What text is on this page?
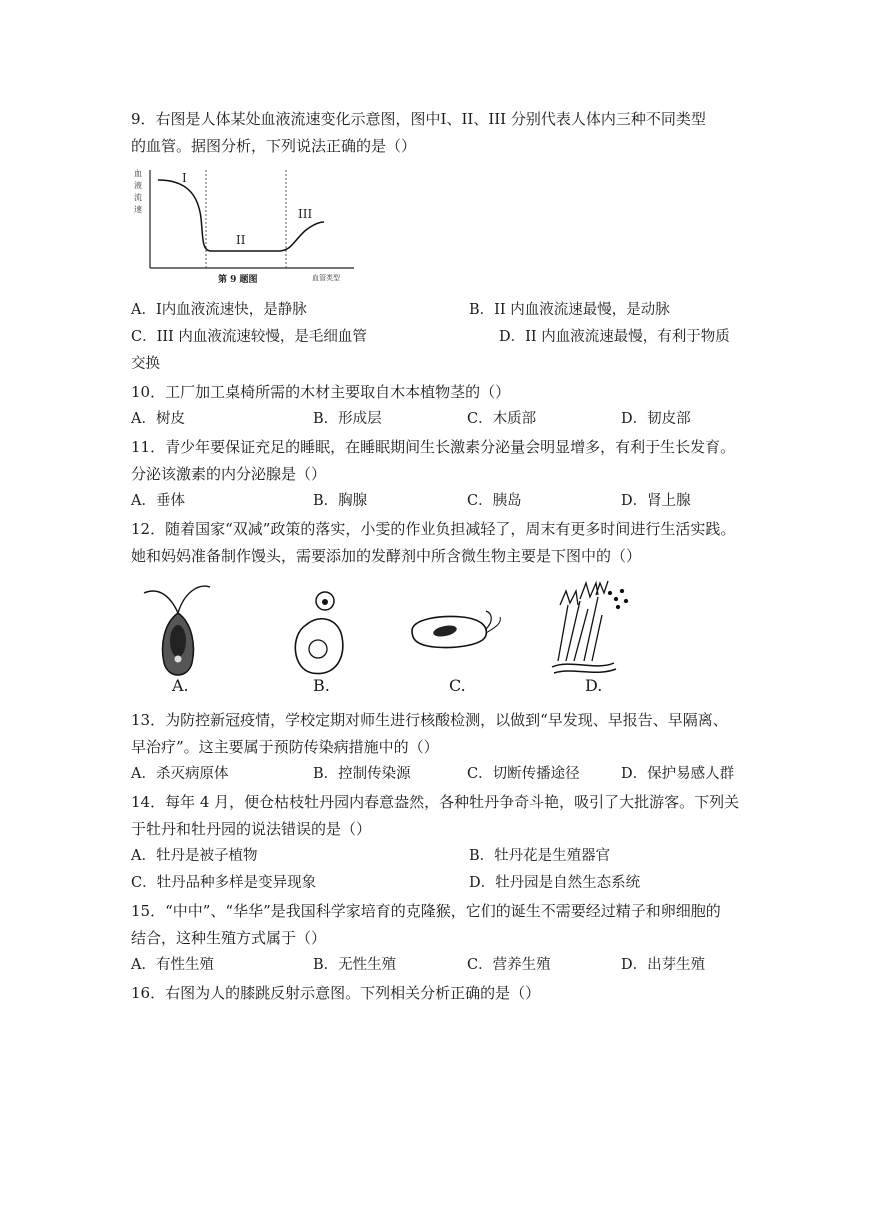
9．右图是人体某处血液流速变化示意图，图中Ⅰ、II、III 分别代表人体内三种不同类型
的血管。据图分析，下列说法正确的是（）
血
液
流
速
I
II
III
第 9 题图	血管类型
A．Ⅰ内血液流速快，是静脉	B．II 内血液流速最慢，是动脉
C．III 内血液流速较慢，是毛细血管	D．II 内血液流速最慢，有利于物质
交换
10．工厂加工桌椅所需的木材主要取自木本植物茎的（）
A．树皮	B．形成层	C．木质部	D．韧皮部
11．青少年要保证充足的睡眠，在睡眠期间生长激素分泌量会明显增多，有利于生长发育。
分泌该激素的内分泌腺是（）
A．垂体	B．胸腺	C．胰岛	D．肾上腺
12．随着国家“双减”政策的落实，小雯的作业负担减轻了，周末有更多时间进行生活实践。
她和妈妈准备制作馒头，需要添加的发酵剂中所含微生物主要是下图中的（）
A.	B.	C.	D.
13．为防控新冠疫情，学校定期对师生进行核酸检测，以做到“早发现、早报告、早隔离、
早治疗”。这主要属于预防传染病措施中的（）
A．杀灭病原体	B．控制传染源	C．切断传播途径	D．保护易感人群
14．每年 4 月，便仓枯枝牡丹园内春意盎然，各种牡丹争奇斗艳，吸引了大批游客。下列关
于牡丹和牡丹园的说法错误的是（）
A．牡丹是被子植物	B．牡丹花是生殖器官
C．牡丹品种多样是变异现象	D．牡丹园是自然生态系统
15．“中中”、“华华”是我国科学家培育的克隆猴，它们的诞生不需要经过精子和卵细胞的
结合，这种生殖方式属于（）
A．有性生殖	B．无性生殖	C．营养生殖	D．出芽生殖
16．右图为人的膝跳反射示意图。下列相关分析正确的是（）
